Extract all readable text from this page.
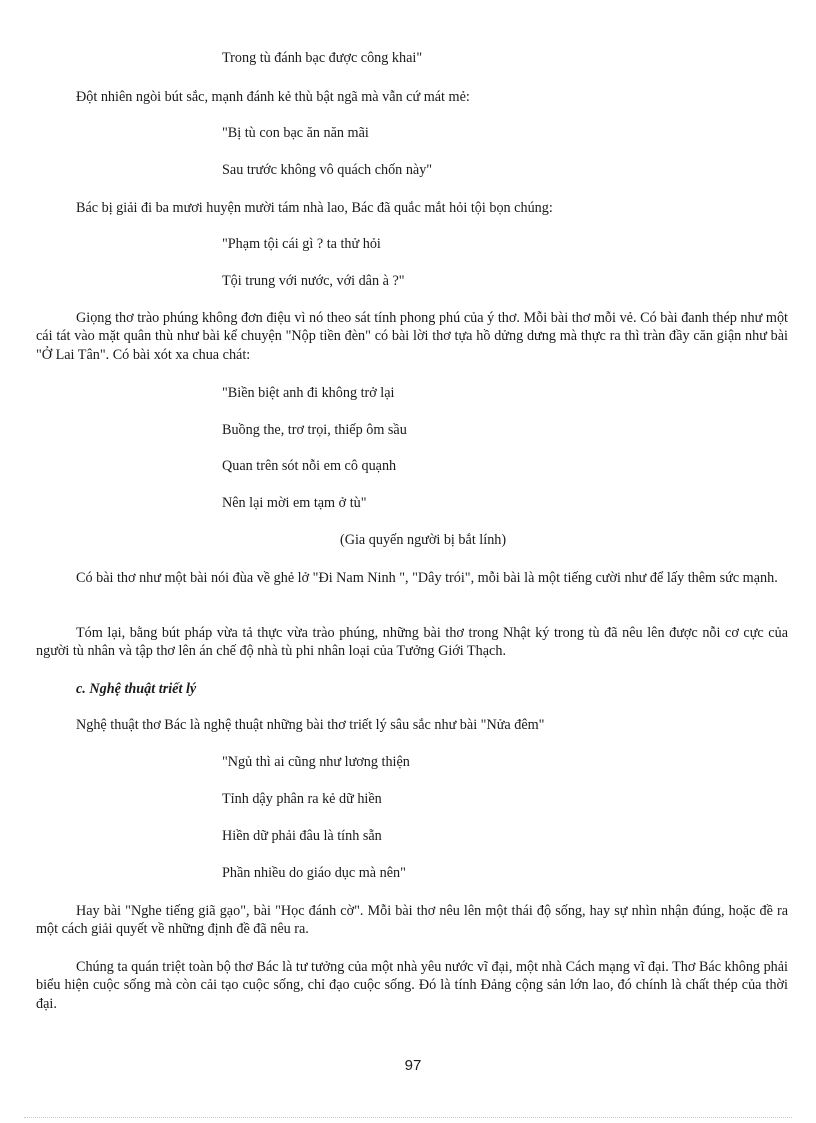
Trong tù đánh bạc được công khai"
Đột nhiên ngòi bút sắc, mạnh đánh kẻ thù bật ngã mà vẫn cứ mát mẻ:
"Bị tù con bạc ăn năn mãi
Sau trước không vô quách chốn này"
Bác bị giải đi ba mươi huyện mười tám nhà lao, Bác đã quắc mắt hỏi tội bọn chúng:
"Phạm tội cái gì ? ta thử hỏi
Tội trung với nước, với dân à ?"
Giọng thơ trào phúng không đơn điệu vì nó theo sát tính phong phú của ý thơ. Mỗi bài thơ mỗi vẻ. Có bài đanh thép như một cái tát vào mặt quân thù như bài kể chuyện "Nộp tiền đèn" có bài lời thơ tựa hồ dửng dưng mà thực ra thì tràn đầy căn giận như bài "Ở Lai Tân". Có bài xót xa chua chát:
"Biền biệt anh đi không trở lại
Buồng the, trơ trọi, thiếp ôm sầu
Quan trên sót nỗi em cô quạnh
Nên lại mời em tạm ở tù"
(Gia quyến người bị bắt lính)
Có bài thơ như một bài nói đùa về ghẻ lở "Đi Nam Ninh ", "Dây trói", mỗi bài là một tiếng cười như để lấy thêm sức mạnh.
Tóm lại, bằng bút pháp vừa tả thực vừa trào phúng, những bài thơ trong Nhật ký trong tù đã nêu lên được nỗi cơ cực của người tù nhân và tập thơ lên án chế độ nhà tù phi nhân loại của Tưởng Giới Thạch.
c. Nghệ thuật triết lý
Nghệ thuật thơ Bác là nghệ thuật những bài thơ triết lý sâu sắc như bài "Nửa đêm"
"Ngủ thì ai cũng như lương thiện
Tỉnh dậy phân ra kẻ dữ hiền
Hiền dữ phải đâu là tính sẵn
Phần nhiều do giáo dục mà nên"
Hay bài "Nghe tiếng giã gạo", bài "Học đánh cờ". Mỗi bài thơ nêu lên một thái độ sống, hay sự nhìn nhận đúng, hoặc đề ra một cách giải quyết về những định đề đã nêu ra.
Chúng ta quán triệt toàn bộ thơ Bác là tư tưởng của một nhà yêu nước vĩ đại, một nhà Cách mạng vĩ đại. Thơ Bác không phải biểu hiện cuộc sống mà còn cải tạo cuộc sống, chỉ đạo cuộc sống. Đó là tính Đảng cộng sản lớn lao, đó chính là chất thép của thời đại.
97
